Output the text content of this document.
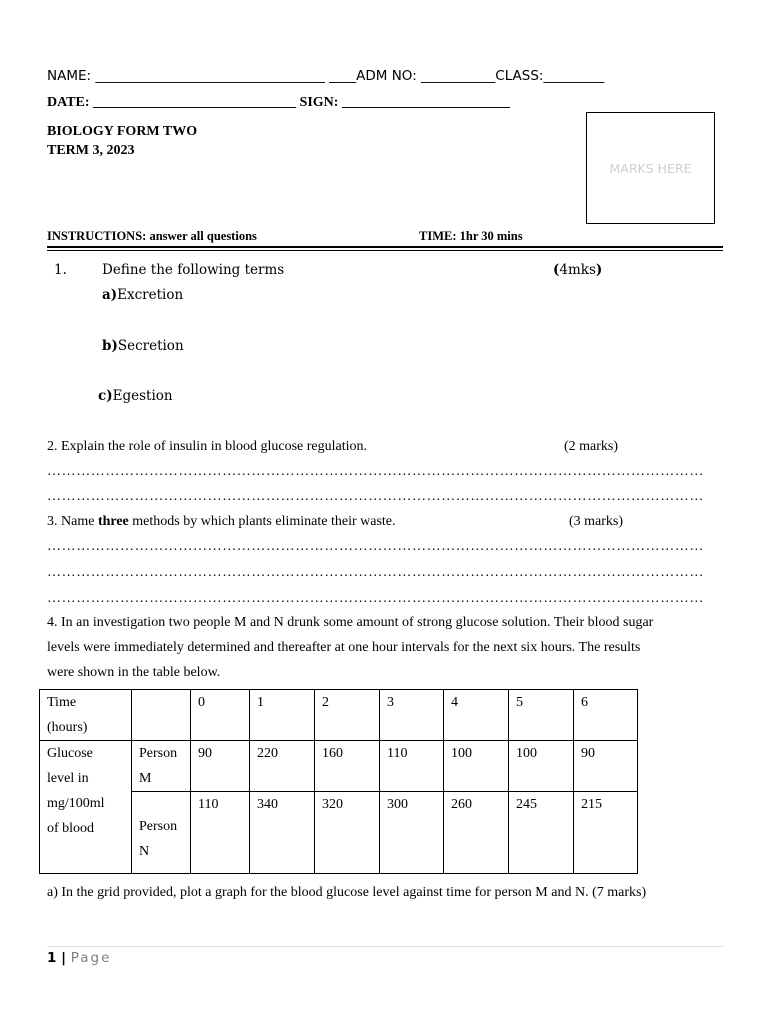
NAME: __________________________________ ____ADM NO: ___________CLASS:_________
DATE: _____________________________ SIGN: ________________________
BIOLOGY FORM TWO
TERM 3, 2023
MARKS HERE
INSTRUCTIONS: answer all questions	TIME: 1hr 30 mins
1.	Define the following terms	(4mks)
a)Excretion
b)Secretion
c)Egestion
2. Explain the role of insulin in blood glucose regulation.	(2 marks)
………………………………………………………………………………………………………………………
………………………………………………………………………………………………………………………
3. Name three methods by which plants eliminate their waste.	(3 marks)
………………………………………………………………………………………………………………………
………………………………………………………………………………………………………………………
………………………………………………………………………………………………………………………
4. In an investigation two people M and N drunk some amount of strong glucose solution. Their blood sugar
levels were immediately determined and thereafter at one hour intervals for the next six hours. The results
were shown in the table below.
Time
(hours)		0	1	2	3	4	5	6
Glucose
level in
mg/100ml
of blood	Person
M	90	220	160	110	100	100	90
	Person
N	110	340	320	300	260	245	215
a) In the grid provided, plot a graph for the blood glucose level against time for person M and N. (7 marks)
1 | Page
